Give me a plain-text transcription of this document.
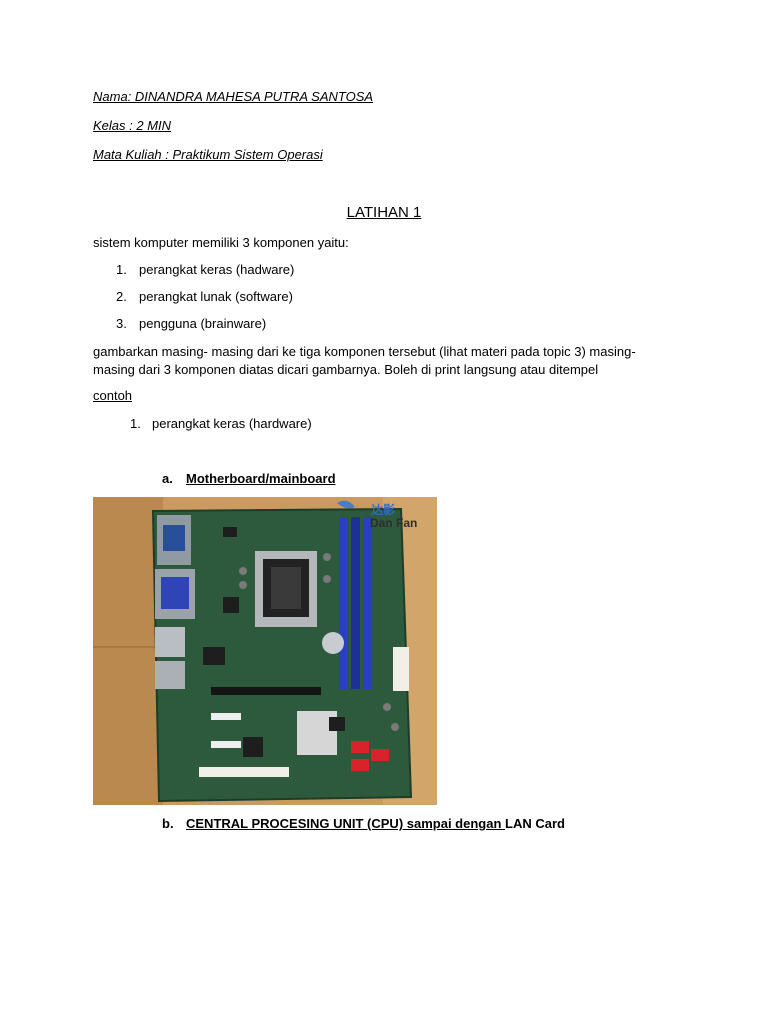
Nama: DINANDRA MAHESA PUTRA SANTOSA
Kelas : 2 MIN
Mata Kuliah : Praktikum Sistem Operasi
LATIHAN 1
sistem komputer memiliki 3 komponen yaitu:
1. perangkat keras (hadware)
2. perangkat lunak (software)
3. pengguna (brainware)
gambarkan masing- masing dari ke tiga komponen tersebut (lihat materi pada topic 3) masing-
masing dari 3 komponen diatas dicari gambarnya. Boleh di print langsung atau ditempel
contoh
1. perangkat keras (hardware)
a. Motherboard/mainboard
达影
Dan Fan
b. CENTRAL PROCESING UNIT (CPU) sampai dengan LAN Card
